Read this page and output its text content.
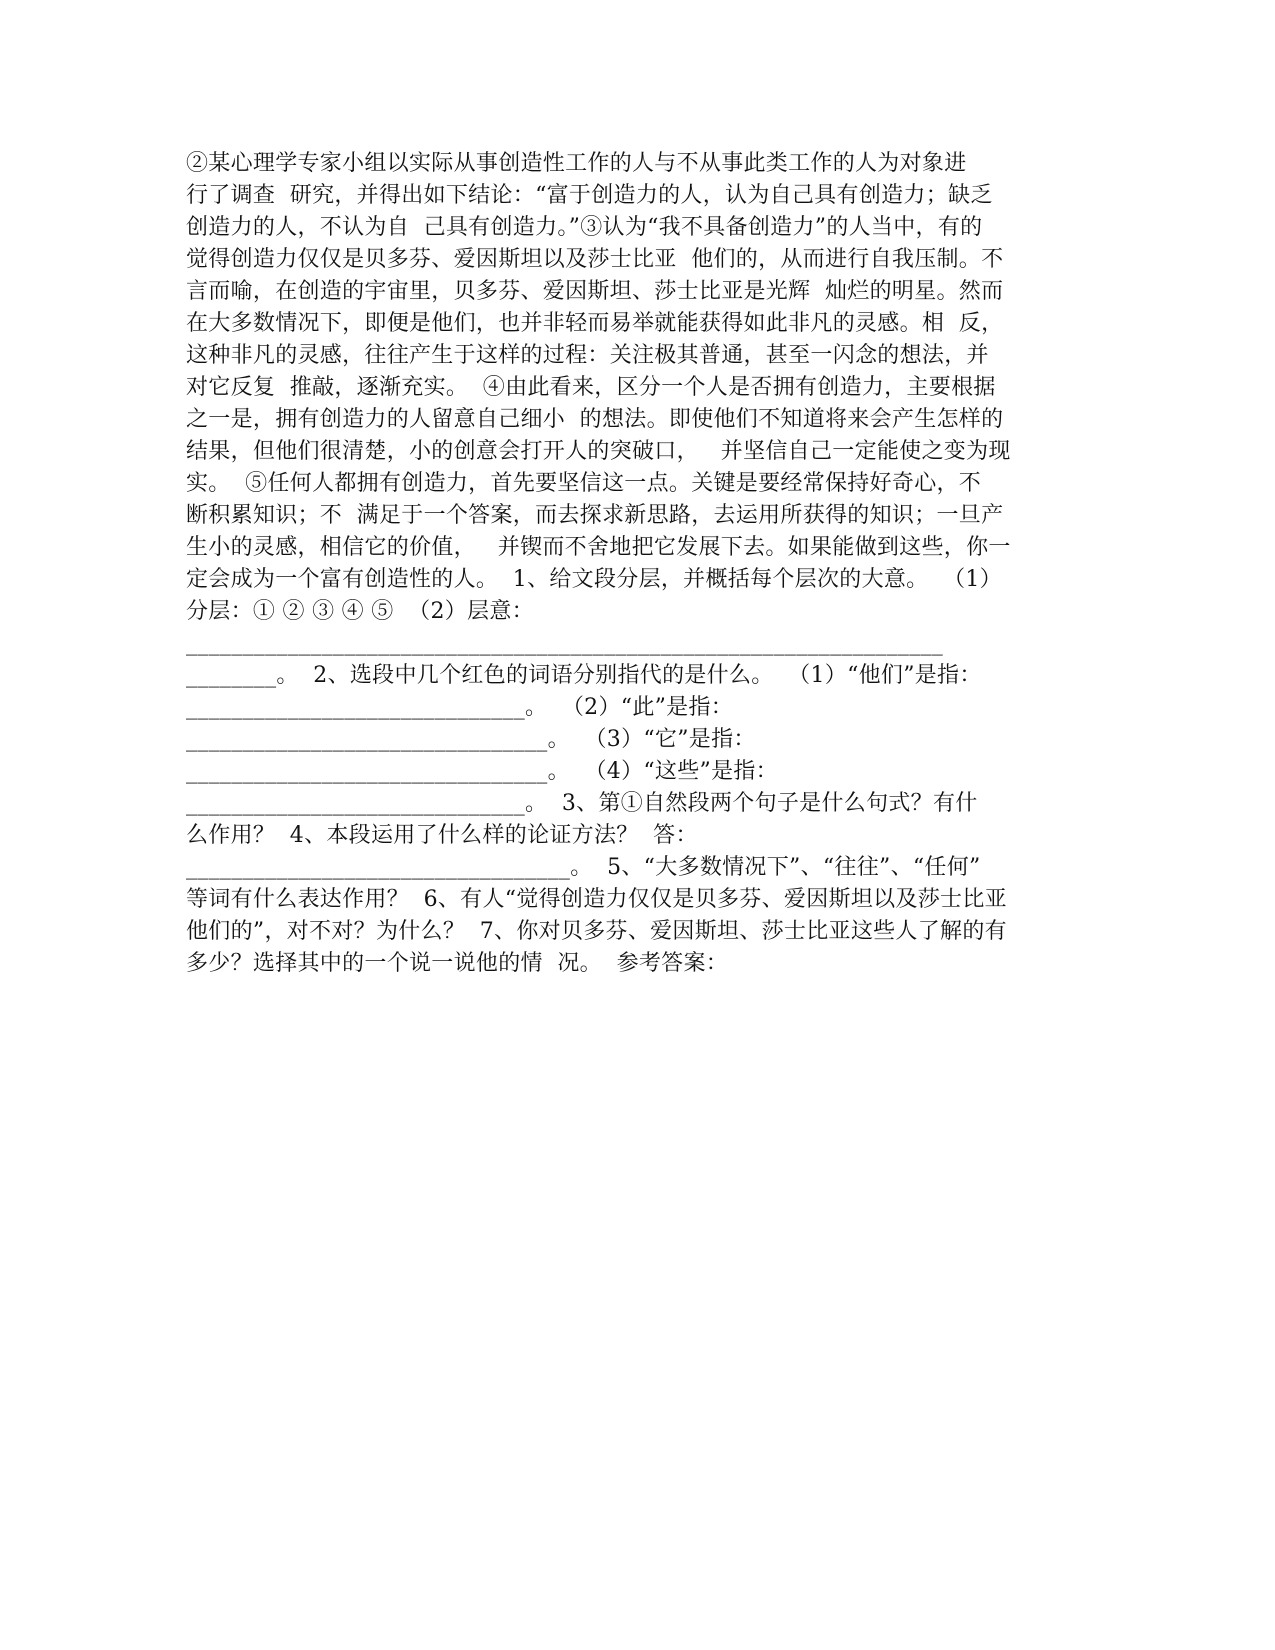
②某心理学专家小组以实际从事创造性工作的人与不从事此类工作的人为对象进
行了调查  研究，并得出如下结论：“富于创造力的人，认为自己具有创造力；缺乏
创造力的人，不认为自  己具有创造力。”③认为“我不具备创造力”的人当中，有的
觉得创造力仅仅是贝多芬、爱因斯坦以及莎士比亚  他们的，从而进行自我压制。不
言而喻，在创造的宇宙里，贝多芬、爱因斯坦、莎士比亚是光辉  灿烂的明星。然而
在大多数情况下，即便是他们，也并非轻而易举就能获得如此非凡的灵感。相  反，
这种非凡的灵感，往往产生于这样的过程：关注极其普通，甚至一闪念的想法，并
对它反复  推敲，逐渐充实。  ④由此看来，区分一个人是否拥有创造力，主要根据
之一是，拥有创造力的人留意自己细小  的想法。即使他们不知道将来会产生怎样的
结果，但他们很清楚，小的创意会打开人的突破口，   并坚信自己一定能使之变为现
实。  ⑤任何人都拥有创造力，首先要坚信这一点。关键是要经常保持好奇心，不
断积累知识；不  满足于一个答案，而去探求新思路，去运用所获得的知识；一旦产
生小的灵感，相信它的价值，   并锲而不舍地把它发展下去。如果能做到这些，你一
定会成为一个富有创造性的人。  1、给文段分层，并概括每个层次的大意。  （1）
分层：① ② ③ ④ ⑤  （2）层意：
___________________________________________________________________
________。  2、选段中几个红色的词语分别指代的是什么。  （1）“他们”是指：
______________________________。  （2）“此”是指：
________________________________。  （3）“它”是指：
________________________________。  （4）“这些”是指：
______________________________。  3、第①自然段两个句子是什么句式？有什
么作用？  4、本段运用了什么样的论证方法？  答：
__________________________________。  5、“大多数情况下”、“往往”、“任何”
等词有什么表达作用？  6、有人“觉得创造力仅仅是贝多芬、爱因斯坦以及莎士比亚
他们的”，对不对？为什么？  7、你对贝多芬、爱因斯坦、莎士比亚这些人了解的有
多少？选择其中的一个说一说他的情  况。  参考答案：
